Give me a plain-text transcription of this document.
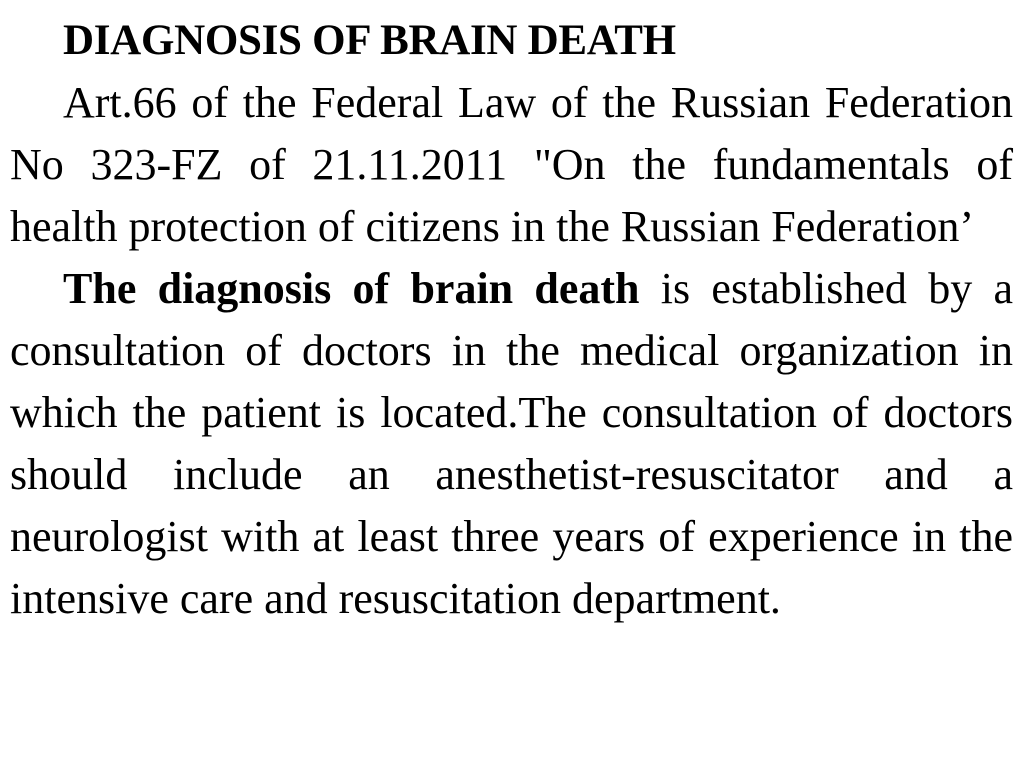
DIAGNOSIS OF BRAIN DEATH

Art.66 of the Federal Law of the Russian Federation No 323-FZ of 21.11.2011 "On the fundamentals of health protection of citizens in the Russian Federation’

The diagnosis of brain death is established by a consultation of doctors in the medical organization in which the patient is located.The consultation of doctors should include an anesthetist-resuscitator and a neurologist with at least three years of experience in the intensive care and resuscitation department.
